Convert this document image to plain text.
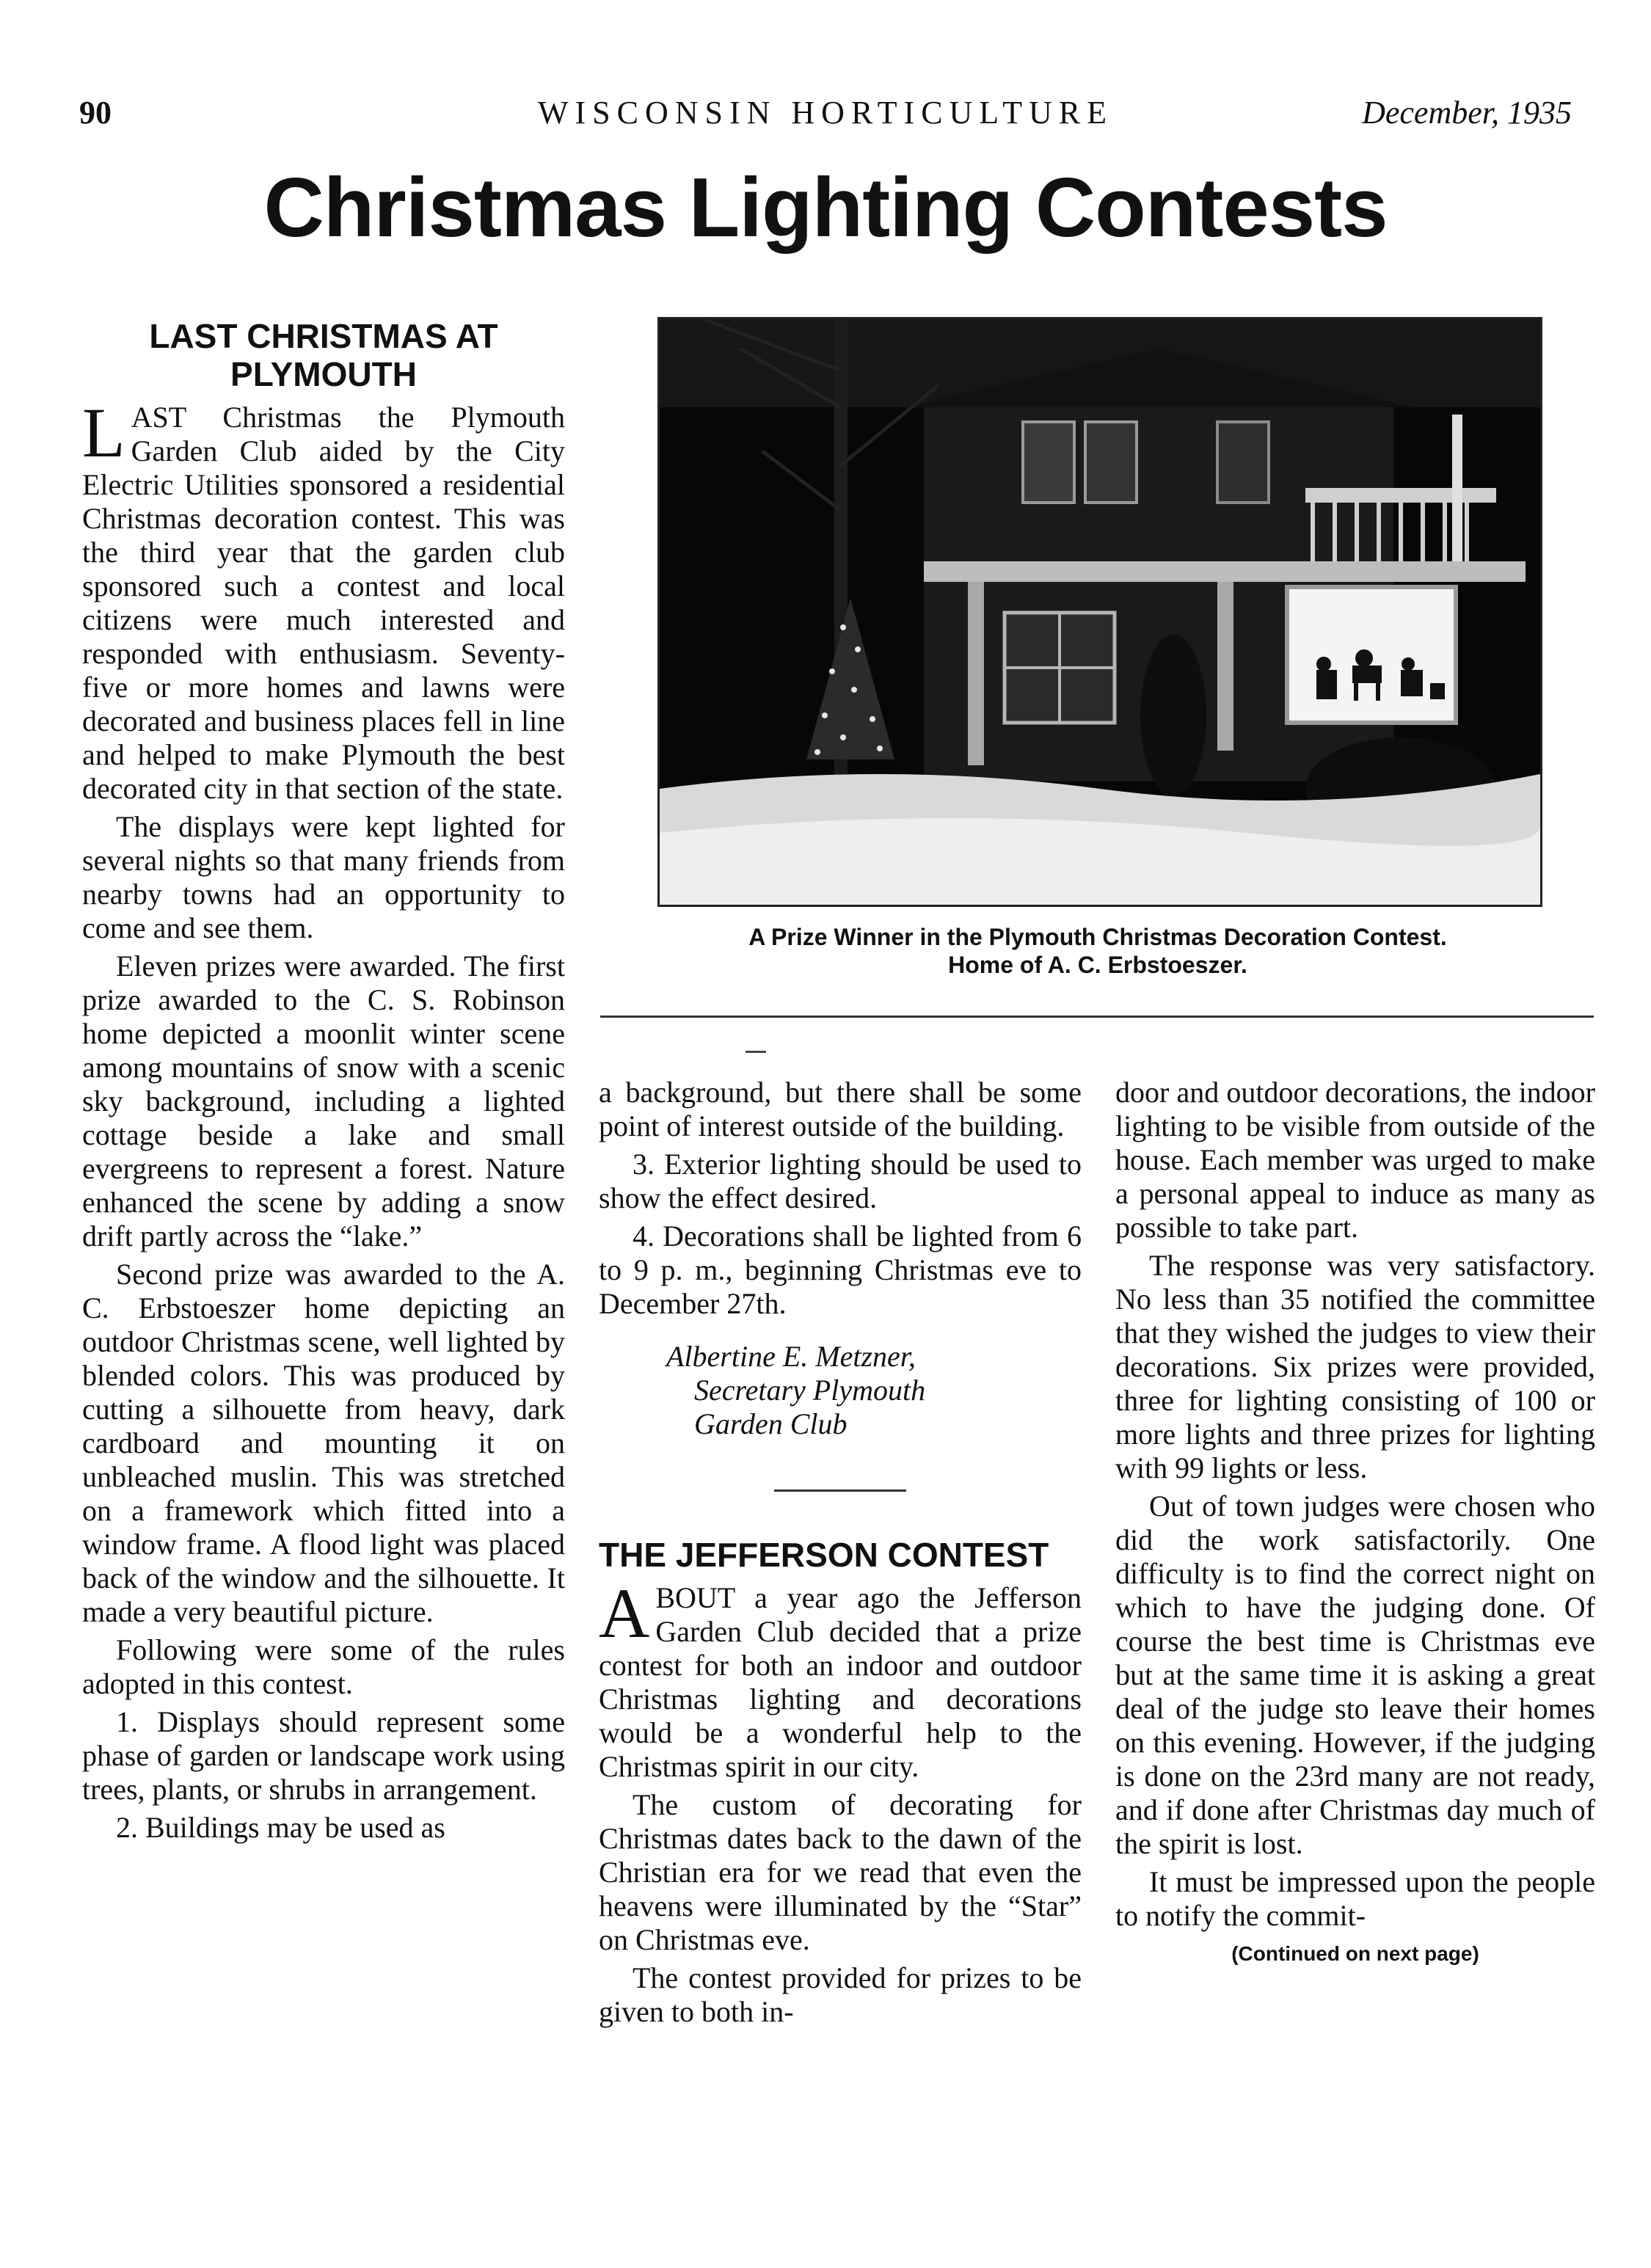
90	WISCONSIN HORTICULTURE	December, 1935
Christmas Lighting Contests
LAST CHRISTMAS AT
PLYMOUTH

LAST Christmas the Plymouth Garden Club aided by the City Electric Utilities sponsored a residential Christmas decoration contest. This was the third year that the garden club sponsored such a contest and local citizens were much interested and responded with enthusiasm. Seventy-five or more homes and lawns were decorated and business places fell in line and helped to make Plymouth the best decorated city in that section of the state.

The displays were kept lighted for several nights so that many friends from nearby towns had an opportunity to come and see them.

Eleven prizes were awarded. The first prize awarded to the C. S. Robinson home depicted a moonlit winter scene among mountains of snow with a scenic sky background, including a lighted cottage beside a lake and small evergreens to represent a forest. Nature enhanced the scene by adding a snow drift partly across the “lake.”

Second prize was awarded to the A. C. Erbstoeszer home depicting an outdoor Christmas scene, well lighted by blended colors. This was produced by cutting a silhouette from heavy, dark cardboard and mounting it on unbleached muslin. This was stretched on a framework which fitted into a window frame. A flood light was placed back of the window and the silhouette. It made a very beautiful picture.

Following were some of the rules adopted in this contest.

1. Displays should represent some phase of garden or landscape work using trees, plants, or shrubs in arrangement.

2. Buildings may be used as

A Prize Winner in the Plymouth Christmas Decoration Contest.
Home of A. C. Erbstoeszer.

a background, but there shall be some point of interest outside of the building.

3. Exterior lighting should be used to show the effect desired.

4. Decorations shall be lighted from 6 to 9 p. m., beginning Christmas eve to December 27th.

Albertine E. Metzner,
Secretary Plymouth
Garden Club
THE JEFFERSON CONTEST

ABOUT a year ago the Jefferson Garden Club decided that a prize contest for both an indoor and outdoor Christmas lighting and decorations would be a wonderful help to the Christmas spirit in our city.

The custom of decorating for Christmas dates back to the dawn of the Christian era for we read that even the heavens were illuminated by the “Star” on Christmas eve.

The contest provided for prizes to be given to both in-

door and outdoor decorations, the indoor lighting to be visible from outside of the house. Each member was urged to make a personal appeal to induce as many as possible to take part.

The response was very satisfactory. No less than 35 notified the committee that they wished the judges to view their decorations. Six prizes were provided, three for lighting consisting of 100 or more lights and three prizes for lighting with 99 lights or less.

Out of town judges were chosen who did the work satisfactorily. One difficulty is to find the correct night on which to have the judging done. Of course the best time is Christmas eve but at the same time it is asking a great deal of the judge sto leave their homes on this evening. However, if the judging is done on the 23rd many are not ready, and if done after Christmas day much of the spirit is lost.

It must be impressed upon the people to notify the commit-

(Continued on next page)
